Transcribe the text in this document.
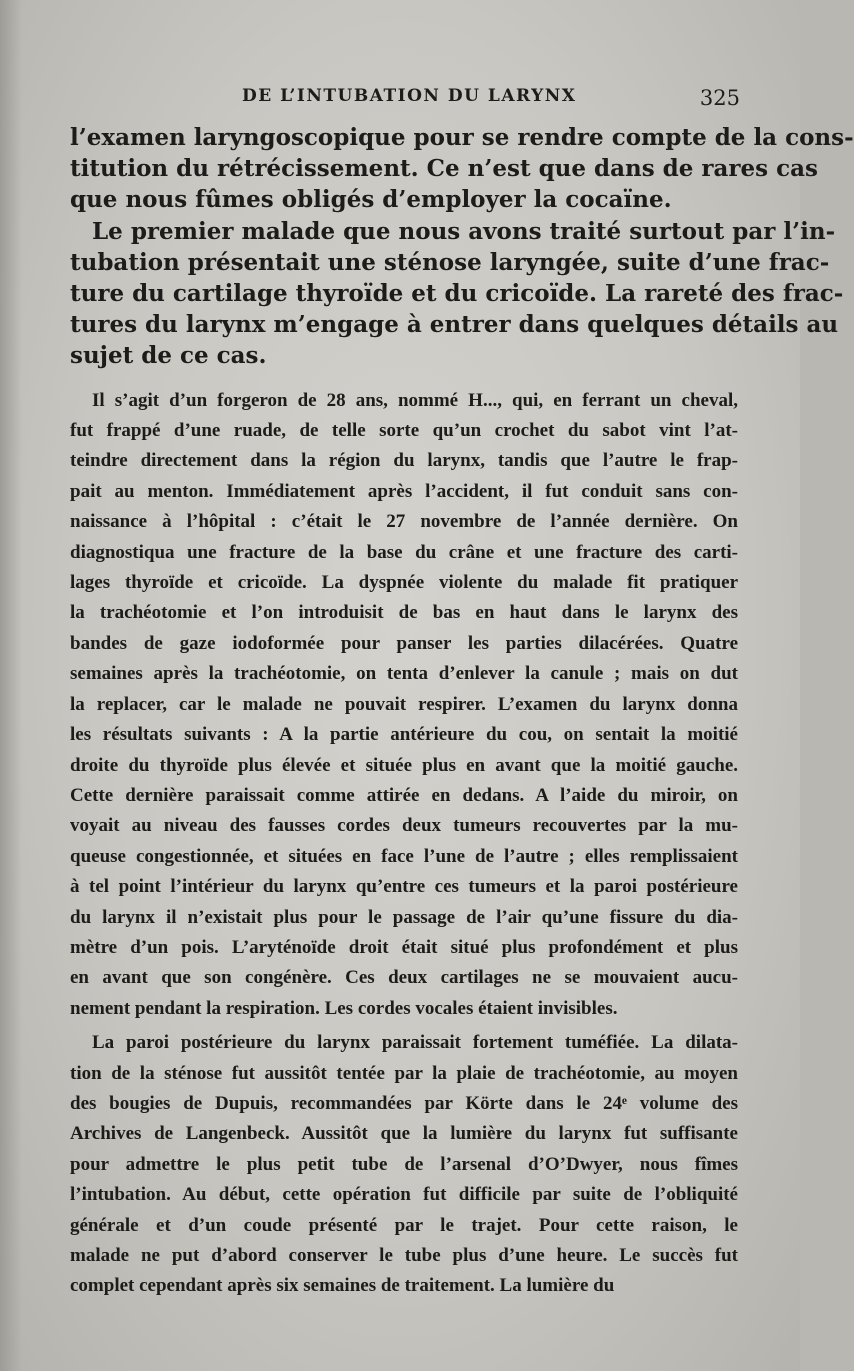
DE L’INTUBATION DU LARYNX	325
l’examen laryngoscopique pour se rendre compte de la cons-
titution du rétrécissement. Ce n’est que dans de rares cas
que nous fûmes obligés d’employer la cocaïne.
Le premier malade que nous avons traité surtout par l’in-
tubation présentait une sténose laryngée, suite d’une frac-
ture du cartilage thyroïde et du cricoïde. La rareté des frac-
tures du larynx m’engage à entrer dans quelques détails au
sujet de ce cas.
Il s’agit d’un forgeron de 28 ans, nommé H..., qui, en ferrant un cheval,
fut frappé d’une ruade, de telle sorte qu’un crochet du sabot vint l’at-
teindre directement dans la région du larynx, tandis que l’autre le frap-
pait au menton. Immédiatement après l’accident, il fut conduit sans con-
naissance à l’hôpital : c’était le 27 novembre de l’année dernière. On
diagnostiqua une fracture de la base du crâne et une fracture des carti-
lages thyroïde et cricoïde. La dyspnée violente du malade fit pratiquer
la trachéotomie et l’on introduisit de bas en haut dans le larynx des
bandes de gaze iodoformée pour panser les parties dilacérées. Quatre
semaines après la trachéotomie, on tenta d’enlever la canule ; mais on dut
la replacer, car le malade ne pouvait respirer. L’examen du larynx donna
les résultats suivants : A la partie antérieure du cou, on sentait la moitié
droite du thyroïde plus élevée et située plus en avant que la moitié gauche.
Cette dernière paraissait comme attirée en dedans. A l’aide du miroir, on
voyait au niveau des fausses cordes deux tumeurs recouvertes par la mu-
queuse congestionnée, et situées en face l’une de l’autre ; elles remplissaient
à tel point l’intérieur du larynx qu’entre ces tumeurs et la paroi postérieure
du larynx il n’existait plus pour le passage de l’air qu’une fissure du dia-
mètre d’un pois. L’aryténoïde droit était situé plus profondément et plus
en avant que son congénère. Ces deux cartilages ne se mouvaient aucu-
nement pendant la respiration. Les cordes vocales étaient invisibles.
La paroi postérieure du larynx paraissait fortement tuméfiée. La dilata-
tion de la sténose fut aussitôt tentée par la plaie de trachéotomie, au moyen
des bougies de Dupuis, recommandées par Körte dans le 24ᵉ volume des
Archives de Langenbeck. Aussitôt que la lumière du larynx fut suffisante
pour admettre le plus petit tube de l’arsenal d’O’Dwyer, nous fîmes
l’intubation. Au début, cette opération fut difficile par suite de l’obliquité
générale et d’un coude présenté par le trajet. Pour cette raison, le
malade ne put d’abord conserver le tube plus d’une heure. Le succès fut
complet cependant après six semaines de traitement. La lumière du
